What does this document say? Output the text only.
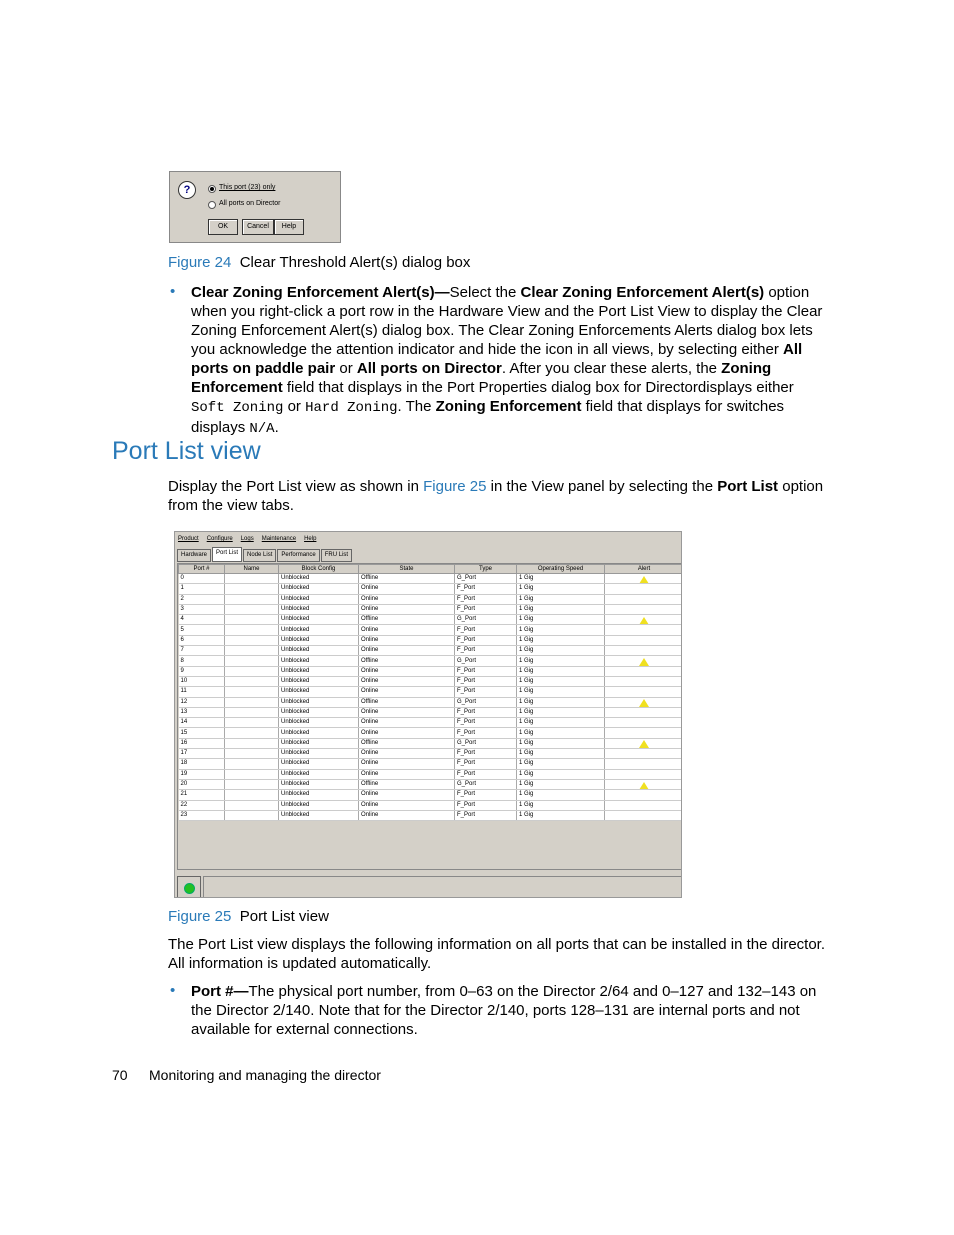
?	This port (23) only
All ports on Director
OK	Cancel	Help
Figure 24 Clear Threshold Alert(s) dialog box
• Clear Zoning Enforcement Alert(s)—Select the Clear Zoning Enforcement Alert(s) option when you right-click a port row in the Hardware View and the Port List View to display the Clear Zoning Enforcement Alert(s) dialog box. The Clear Zoning Enforcements Alerts dialog box lets you acknowledge the attention indicator and hide the icon in all views, by selecting either All ports on paddle pair or All ports on Director. After you clear these alerts, the Zoning Enforcement field that displays in the Port Properties dialog box for Directordisplays either Soft Zoning or Hard Zoning. The Zoning Enforcement field that displays for switches displays N/A.
Port List view
Display the Port List view as shown in Figure 25 in the View panel by selecting the Port List option from the view tabs.
Product Configure Logs Maintenance Help
Hardware	Port List	Node List	Performance	FRU List
Port #	Name	Block Config	State	Type	Operating Speed	Alert
0		Unblocked	Offline	G_Port	1 Gig	

1		Unblocked	Online	F_Port	1 Gig	
2		Unblocked	Online	F_Port	1 Gig	
3		Unblocked	Online	F_Port	1 Gig	
4		Unblocked	Offline	G_Port	1 Gig	

5		Unblocked	Online	F_Port	1 Gig	
6		Unblocked	Online	F_Port	1 Gig	
7		Unblocked	Online	F_Port	1 Gig	
8		Unblocked	Offline	G_Port	1 Gig	

9		Unblocked	Online	F_Port	1 Gig	
10		Unblocked	Online	F_Port	1 Gig	
11		Unblocked	Online	F_Port	1 Gig	
12		Unblocked	Offline	G_Port	1 Gig	

13		Unblocked	Online	F_Port	1 Gig	
14		Unblocked	Online	F_Port	1 Gig	
15		Unblocked	Online	F_Port	1 Gig	
16		Unblocked	Offline	G_Port	1 Gig	

17		Unblocked	Online	F_Port	1 Gig	
18		Unblocked	Online	F_Port	1 Gig	
19		Unblocked	Online	F_Port	1 Gig	
20		Unblocked	Offline	G_Port	1 Gig	

21		Unblocked	Online	F_Port	1 Gig	
22		Unblocked	Online	F_Port	1 Gig	
23		Unblocked	Online	F_Port	1 Gig	
Figure 25 Port List view
The Port List view displays the following information on all ports that can be installed in the director. All information is updated automatically.
• Port #—The physical port number, from 0–63 on the Director 2/64 and 0–127 and 132–143 on the Director 2/140. Note that for the Director 2/140, ports 128–131 are internal ports and not available for external connections.
70 Monitoring and managing the director
